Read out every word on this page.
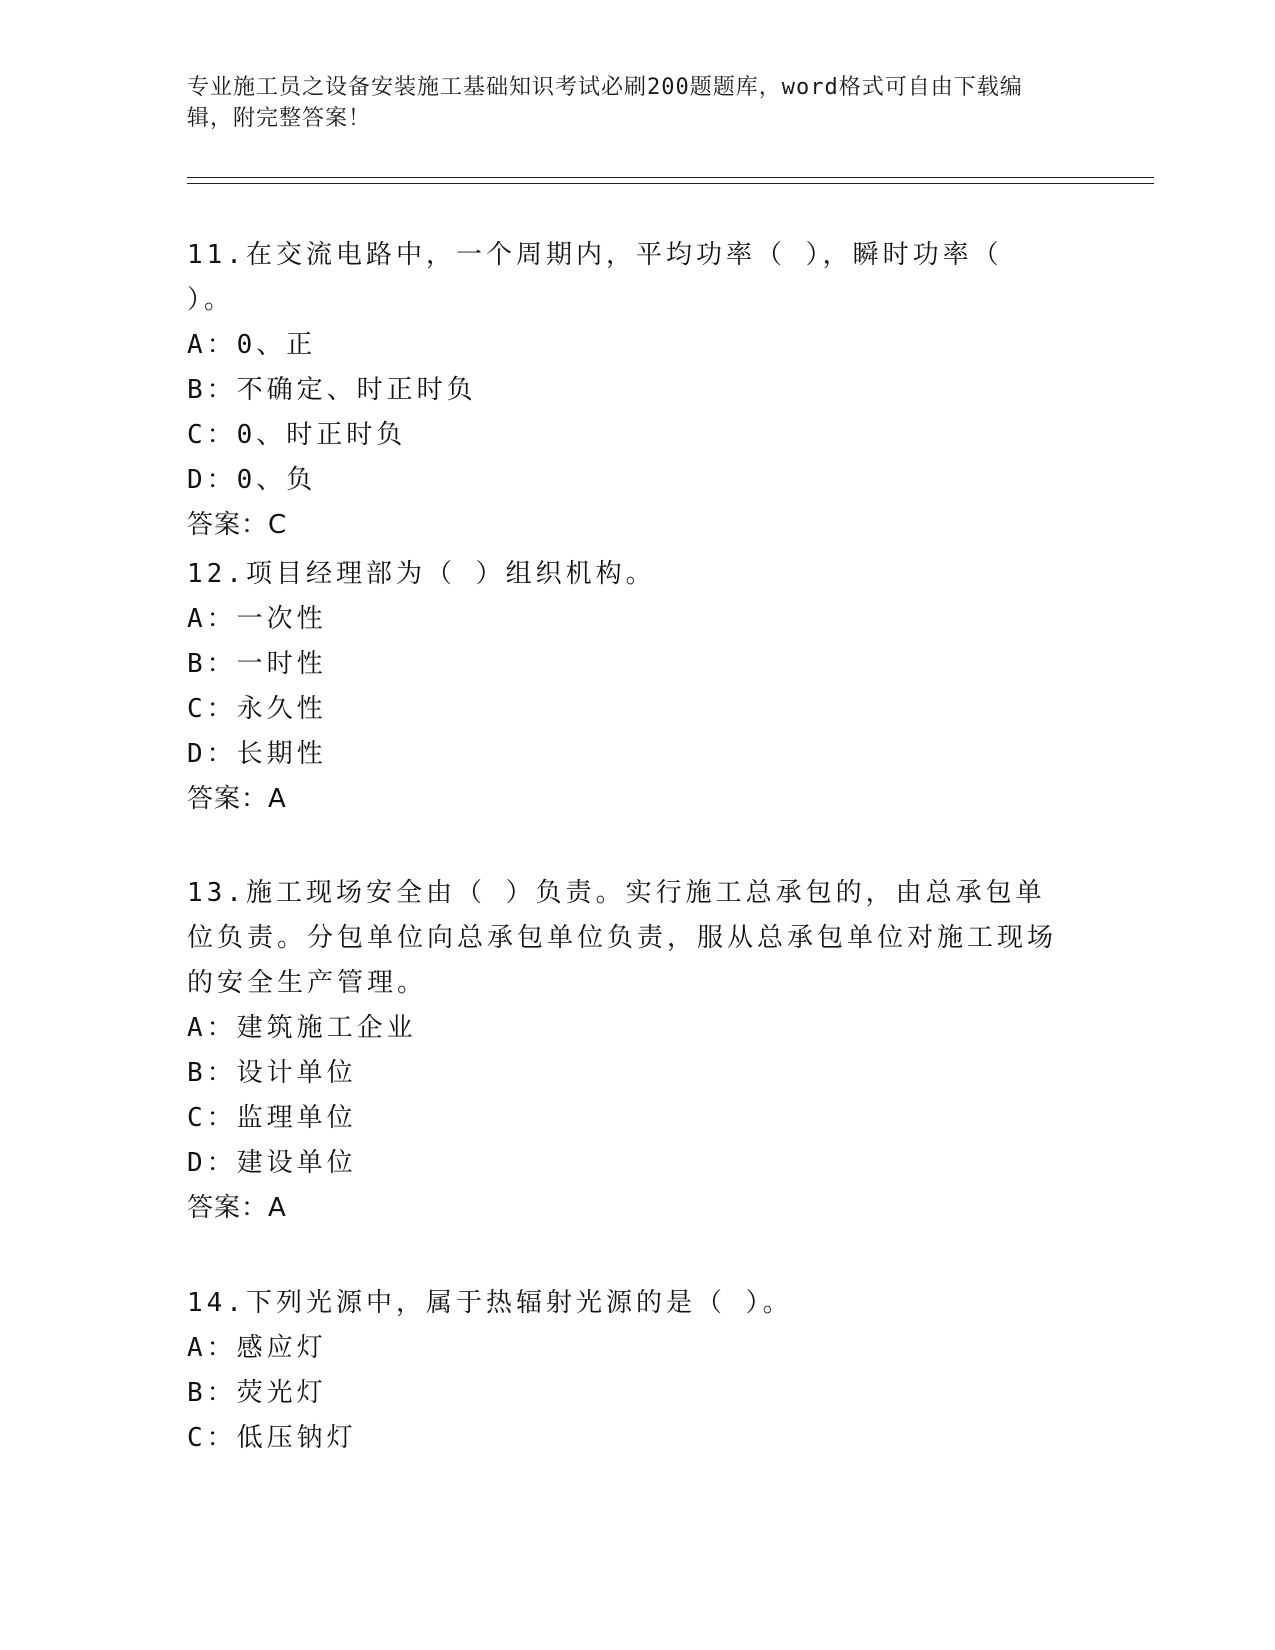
专业施工员之设备安装施工基础知识考试必刷200题题库，word格式可自由下载编辑，附完整答案！

11.在交流电路中，一个周期内，平均功率（ ），瞬时功率（ ）。

A：0、正

B：不确定、时正时负

C：0、时正时负

D：0、负

答案：C

12.项目经理部为（ ）组织机构。

A：一次性

B：一时性

C：永久性

D：长期性

答案：A

13.施工现场安全由（ ）负责。实行施工总承包的，由总承包单位负责。分包单位向总承包单位负责，服从总承包单位对施工现场的安全生产管理。

A：建筑施工企业

B：设计单位

C：监理单位

D：建设单位

答案：A

14.下列光源中，属于热辐射光源的是（ ）。

A：感应灯

B：荧光灯

C：低压钠灯
